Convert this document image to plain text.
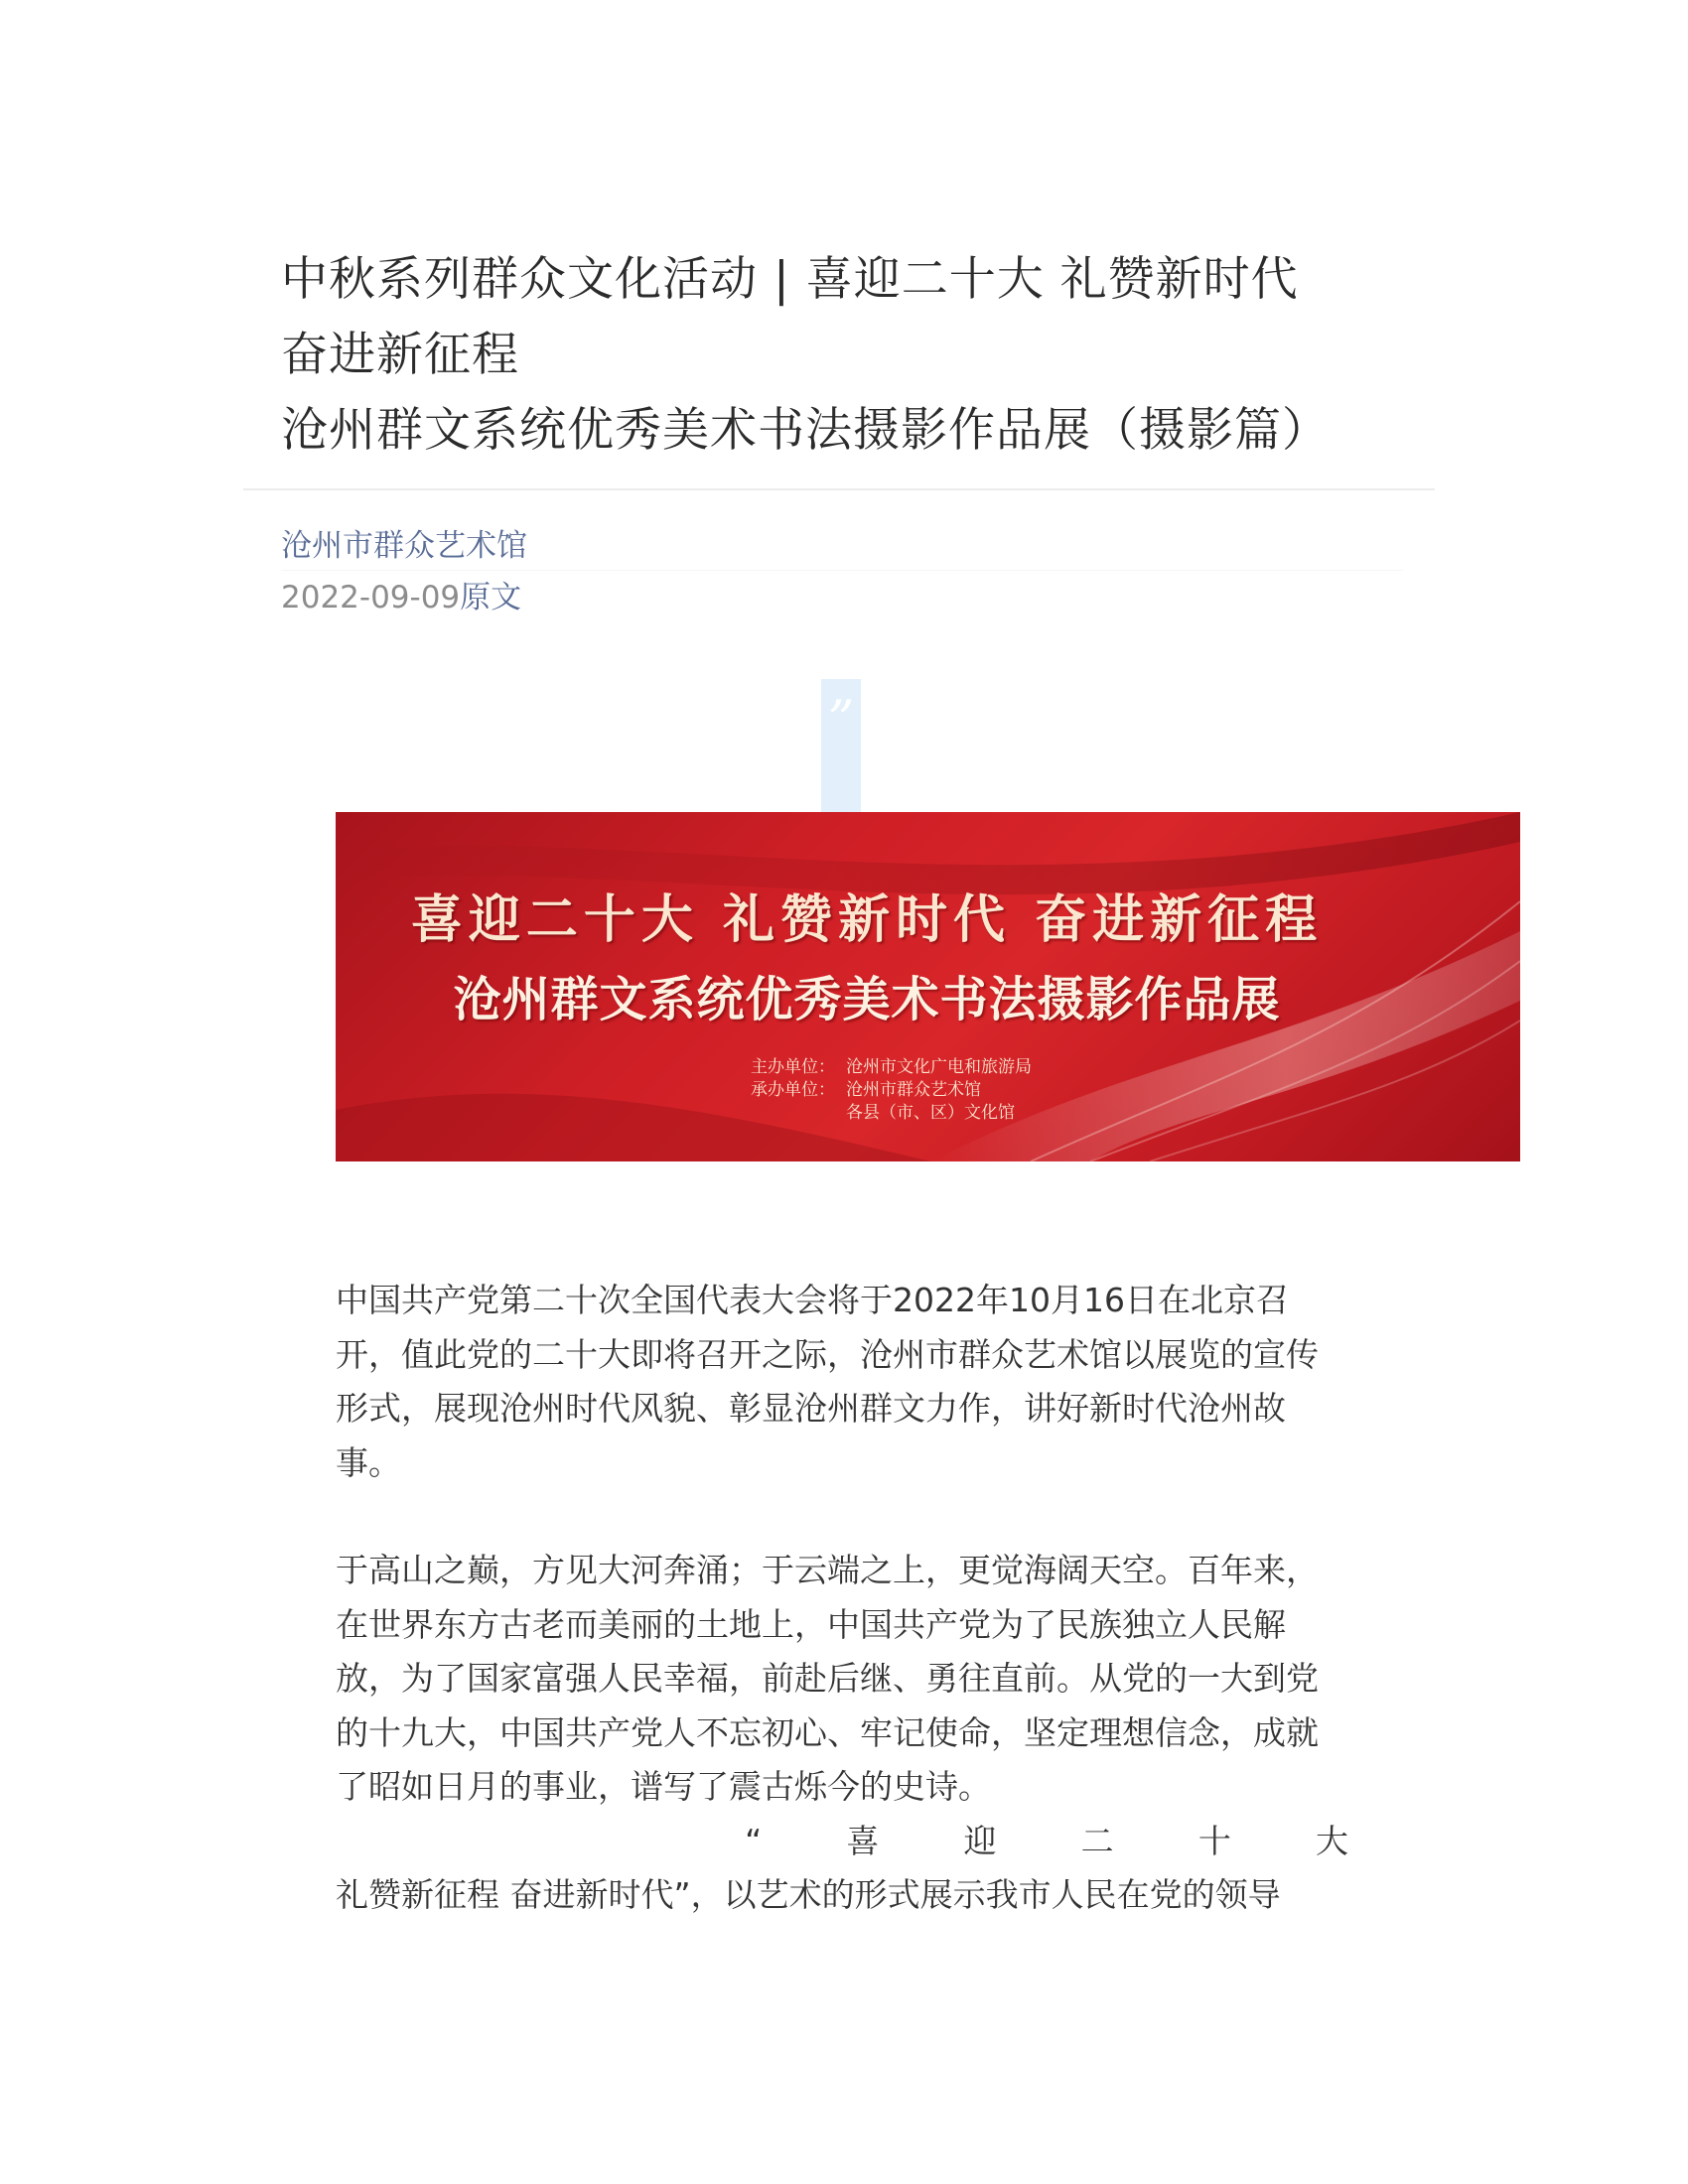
中秋系列群众文化活动 | 喜迎二十大 礼赞新时代
奋进新征程
沧州群文系统优秀美术书法摄影作品展（摄影篇）
沧州市群众艺术馆
2022-09-09原文
”
喜迎二十大 礼赞新时代 奋进新征程
沧州群文系统优秀美术书法摄影作品展
主办单位： 沧州市文化广电和旅游局
承办单位： 沧州市群众艺术馆
各县（市、区）文化馆

中国共产党第二十次全国代表大会将于2022年10月16日在北京召开，值此党的二十大即将召开之际，沧州市群众艺术馆以展览的宣传形式，展现沧州时代风貌、彰显沧州群文力作，讲好新时代沧州故事。

于高山之巅，方见大河奔涌；于云端之上，更觉海阔天空。百年来，在世界东方古老而美丽的土地上，中国共产党为了民族独立人民解放，为了国家富强人民幸福，前赴后继、勇往直前。从党的一大到党的十九大，中国共产党人不忘初心、牢记使命，坚定理想信念，成就了昭如日月的事业，谱写了震古烁今的史诗。

“	喜	迎	二	十	大

礼赞新征程 奋进新时代”，以艺术的形式展示我市人民在党的领导
